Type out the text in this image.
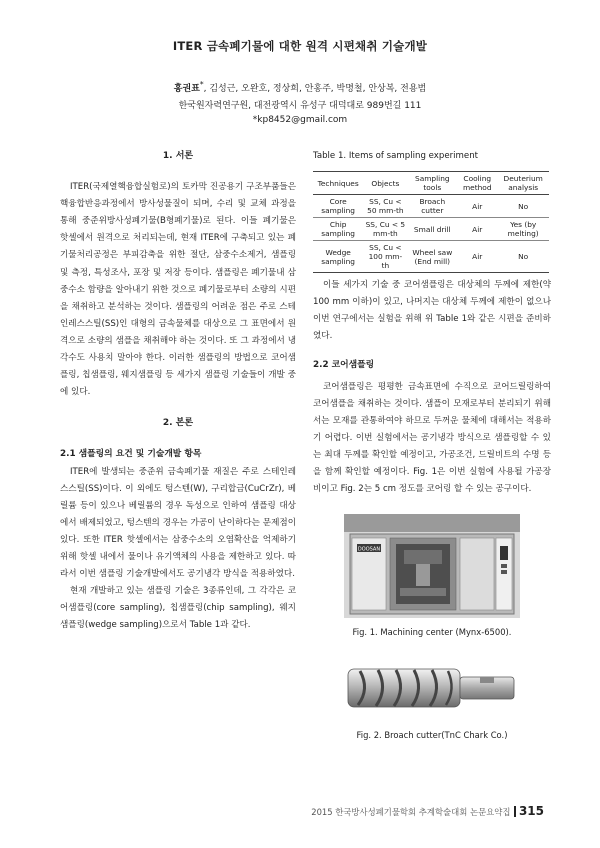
ITER 금속폐기물에 대한 원격 시편채취 기술개발
홍권표*, 김성근, 오완호, 정상희, 안홍주, 박명철, 안상복, 전용범
한국원자력연구원, 대전광역시 유성구 대덕대로 989번길 111
*kp8452@gmail.com
1. 서론

ITER(국제열핵융합실험로)의 토카막 진공용기 구조부품들은 핵융합반응과정에서 방사성물질이 되며, 수리 및 교체 과정을 통해 중준위방사성폐기물(B형폐기물)로 된다. 이들 폐기물은 핫셀에서 원격으로 처리되는데, 현재 ITER에 구축되고 있는 폐기물처리공정은 부피감축을 위한 절단, 삼중수소제거, 샘플링 및 측정, 특성조사, 포장 및 저장 등이다. 샘플링은 폐기물내 삼중수소 함량을 알아내기 위한 것으로 폐기물로부터 소량의 시편을 채취하고 분석하는 것이다. 샘플링의 어려운 점은 주로 스테인레스스틸(SS)인 대형의 금속물체를 대상으로 그 표면에서 원격으로 소량의 샘플을 채취해야 하는 것이다. 또 그 과정에서 냉각수도 사용치 말아야 한다. 이러한 샘플링의 방법으로 코어샘플링, 칩샘플링, 웨지샘플링 등 세가지 샘플링 기술들이 개발 중에 있다.

2. 본론
2.1 샘플링의 요건 및 기술개발 항목

ITER에 발생되는 중준위 금속폐기물 재질은 주로 스테인레스스틸(SS)이다. 이 외에도 텅스텐(W), 구리합금(CuCrZr), 베릴륨 등이 있으나 베릴륨의 경우 독성으로 인하여 샘플링 대상에서 배제되었고, 텅스텐의 경우는 가공이 난이하다는 문제점이 있다. 또한 ITER 핫셀에서는 삼중수소의 오염확산을 억제하기 위해 핫셀 내에서 물이나 유기액체의 사용을 제한하고 있다. 따라서 이번 샘플링 기술개발에서도 공기냉각 방식을 적용하였다.

현재 개발하고 있는 샘플링 기술은 3종류인데, 그 각각은 코어샘플링(core sampling), 칩샘플링(chip sampling), 웨지샘플링(wedge sampling)으로서 Table 1과 같다.

Table 1. Items of sampling experiment
Techniques	Objects	Sampling tools	Cooling method	Deuterium analysis
Core sampling	SS, Cu < 50 mm-th	Broach cutter	Air	No
Chip sampling	SS, Cu < 5 mm-th	Small drill	Air	Yes (by melting)
Wedge sampling	SS, Cu < 100 mm-th	Wheel saw (End mill)	Air	No

이들 세가지 기술 중 코어샘플링은 대상체의 두께에 제한(약 100 mm 이하)이 있고, 나머지는 대상체 두께에 제한이 없으나 이번 연구에서는 실험을 위해 위 Table 1와 같은 시편을 준비하였다.

2.2 코어샘플링

코어샘플링은 평평한 금속표면에 수직으로 코어드릴링하여 코어샘플을 채취하는 것이다. 샘플이 모재로부터 분리되기 위해서는 모재를 관통하여야 하므로 두꺼운 물체에 대해서는 적용하기 어렵다. 이번 실험에서는 공기냉각 방식으로 샘플링할 수 있는 최대 두께를 확인할 예정이고, 가공조건, 드릴비트의 수명 등을 함께 확인할 예정이다. Fig. 1은 이번 실험에 사용될 가공장비이고 Fig. 2는 5 cm 정도를 코어링 할 수 있는 공구이다.

DOOSAN
Fig. 1. Machining center (Mynx-6500).
Fig. 2. Broach cutter(TnC Chark Co.)
2015 한국방사성폐기물학회 추계학술대회 논문요약집 315
